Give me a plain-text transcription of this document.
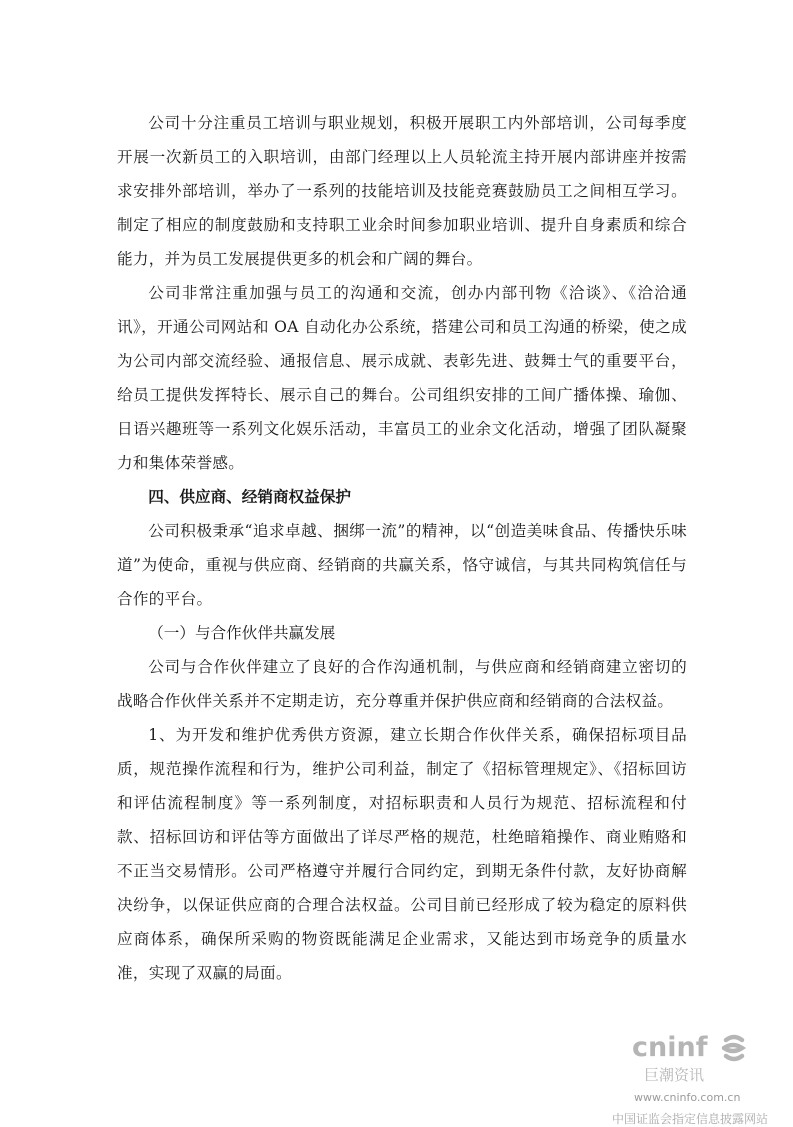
公司十分注重员工培训与职业规划，积极开展职工内外部培训，公司每季度开展一次新员工的入职培训，由部门经理以上人员轮流主持开展内部讲座并按需求安排外部培训，举办了一系列的技能培训及技能竞赛鼓励员工之间相互学习。制定了相应的制度鼓励和支持职工业余时间参加职业培训、提升自身素质和综合能力，并为员工发展提供更多的机会和广阔的舞台。

公司非常注重加强与员工的沟通和交流，创办内部刊物《洽谈》、《洽洽通讯》，开通公司网站和 OA 自动化办公系统，搭建公司和员工沟通的桥梁，使之成为公司内部交流经验、通报信息、展示成就、表彰先进、鼓舞士气的重要平台，给员工提供发挥特长、展示自己的舞台。公司组织安排的工间广播体操、瑜伽、日语兴趣班等一系列文化娱乐活动，丰富员工的业余文化活动，增强了团队凝聚力和集体荣誉感。

四、供应商、经销商权益保护

公司积极秉承“追求卓越、捆绑一流”的精神，以“创造美味食品、传播快乐味道”为使命，重视与供应商、经销商的共赢关系，恪守诚信，与其共同构筑信任与合作的平台。

（一）与合作伙伴共赢发展

公司与合作伙伴建立了良好的合作沟通机制，与供应商和经销商建立密切的战略合作伙伴关系并不定期走访，充分尊重并保护供应商和经销商的合法权益。

1、为开发和维护优秀供方资源，建立长期合作伙伴关系，确保招标项目品质，规范操作流程和行为，维护公司利益，制定了《招标管理规定》、《招标回访和评估流程制度》等一系列制度，对招标职责和人员行为规范、招标流程和付款、招标回访和评估等方面做出了详尽严格的规范，杜绝暗箱操作、商业贿赂和不正当交易情形。公司严格遵守并履行合同约定，到期无条件付款，友好协商解决纷争，以保证供应商的合理合法权益。公司目前已经形成了较为稳定的原料供应商体系，确保所采购的物资既能满足企业需求，又能达到市场竞争的质量水准，实现了双赢的局面。

cninf
巨潮资讯
www.cninfo.com.cn
中国证监会指定信息披露网站
